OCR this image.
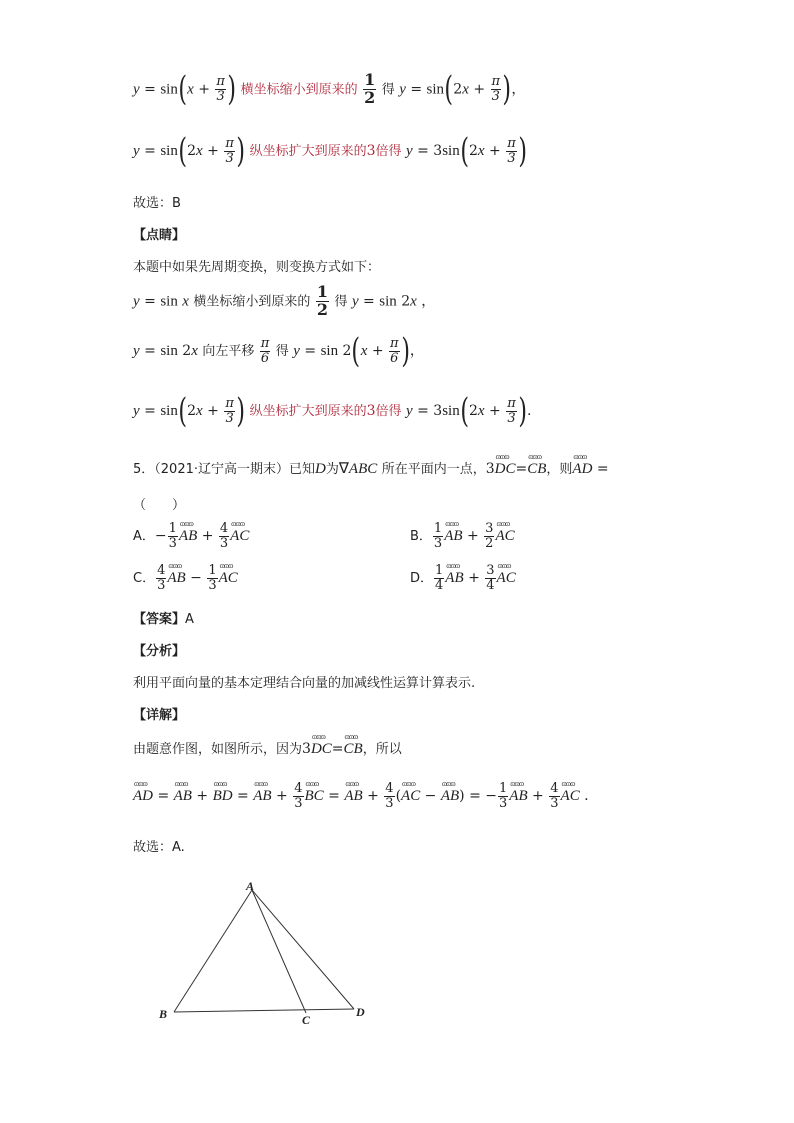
$y = \sin(x + \frac{\pi}{3}$ ) 横坐标缩小到原来的 $\frac{1}{2}$ 得 $y = \sin(2x + \frac{\pi}{3}$ )，
$y = \sin(2x + \frac{\pi}{3}$ ) 纵坐标扩大到原来的3倍得 $y = 3\sin(2x + \frac{\pi}{3}$ )
故选：B
【点睛】
本题中如果先周期变换，则变换方式如下：
y = sin x 横坐标缩小到原来的 $\frac{1}{2}$ 得 y = sin 2x ，
y = sin 2x 向左平移 $\frac{\pi}{6}$ 得 $y = \sin 2(x + \frac{\pi}{6}$ )，
$y = \sin(2x + \frac{\pi}{3}$ ) 纵坐标扩大到原来的3倍得 $y = 3\sin(2x + \frac{\pi}{3}$ ).
5．（2021·辽宁高一期末）已知D为∇ABC 所在平面内一点，3ɷɷɷ DC=ɷɷɷ CB，则ɷɷɷ AD =
（　　）
A．− $\frac{1}{3}$ ɷɷɷ AB + $\frac{4}{3}$ ɷɷɷ AC	B． $\frac{1}{3}$ ɷɷɷ AB + $\frac{3}{2}$ ɷɷɷ AC
C． $\frac{4}{3}$ ɷɷɷ AB − $\frac{1}{3}$ ɷɷɷ AC	D． $\frac{1}{4}$ ɷɷɷ AB + $\frac{3}{4}$ ɷɷɷ AC
【答案】A
【分析】
利用平面向量的基本定理结合向量的加减线性运算计算表示.
【详解】
由题意作图，如图所示，因为3ɷɷɷ DC=ɷɷɷ CB，所以
ɷɷɷ AD = ɷɷɷ AB + ɷɷɷ BD = ɷɷɷ AB + $\frac{4}{3}$ ɷɷɷ BC = ɷɷɷ AB + $\frac{4}{3}$ (ɷɷɷ AC − ɷɷɷ AB) = − $\frac{1}{3}$ ɷɷɷ AB + $\frac{4}{3}$ ɷɷɷ AC .
故选：A.
A
B	C
D
